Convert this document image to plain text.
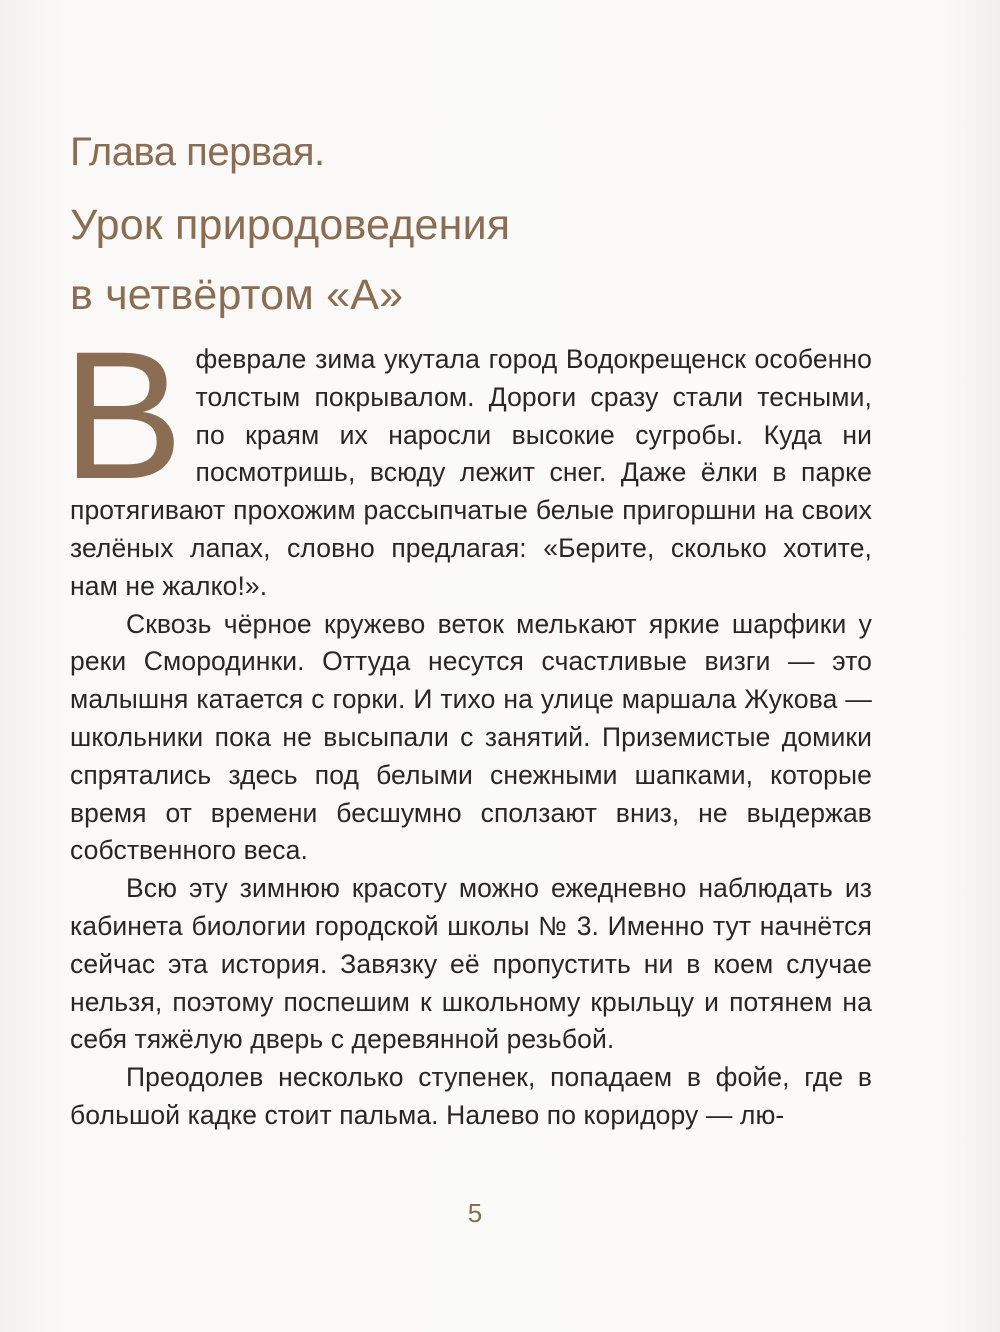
Глава первая.
Урок природоведения
в четвёртом «А»

Вфеврале зима укутала город Водокрещенск особенно толстым покрывалом. Дороги сразу стали тесными, по краям их наросли высокие сугробы. Куда ни посмотришь, всюду лежит снег. Даже ёлки в парке протягивают прохожим рассыпчатые белые пригоршни на своих зелёных лапах, словно предлагая: «Берите, сколько хотите, нам не жалко!».

Сквозь чёрное кружево веток мелькают яркие шарфики у реки Смородинки. Оттуда несутся счастливые визги — это малышня катается с горки. И тихо на улице маршала Жукова — школьники пока не высыпали с занятий. Приземистые домики спрятались здесь под белыми снежными шапками, которые время от времени бесшумно сползают вниз, не выдержав собственного веса.

Всю эту зимнюю красоту можно ежедневно наблюдать из кабинета биологии городской школы № 3. Именно тут начнётся сейчас эта история. Завязку её пропустить ни в коем случае нельзя, поэтому поспешим к школьному крыльцу и потянем на себя тяжёлую дверь с деревянной резьбой.

Преодолев несколько ступенек, попадаем в фойе, где в большой кадке стоит пальма. Налево по коридору — лю-

5
